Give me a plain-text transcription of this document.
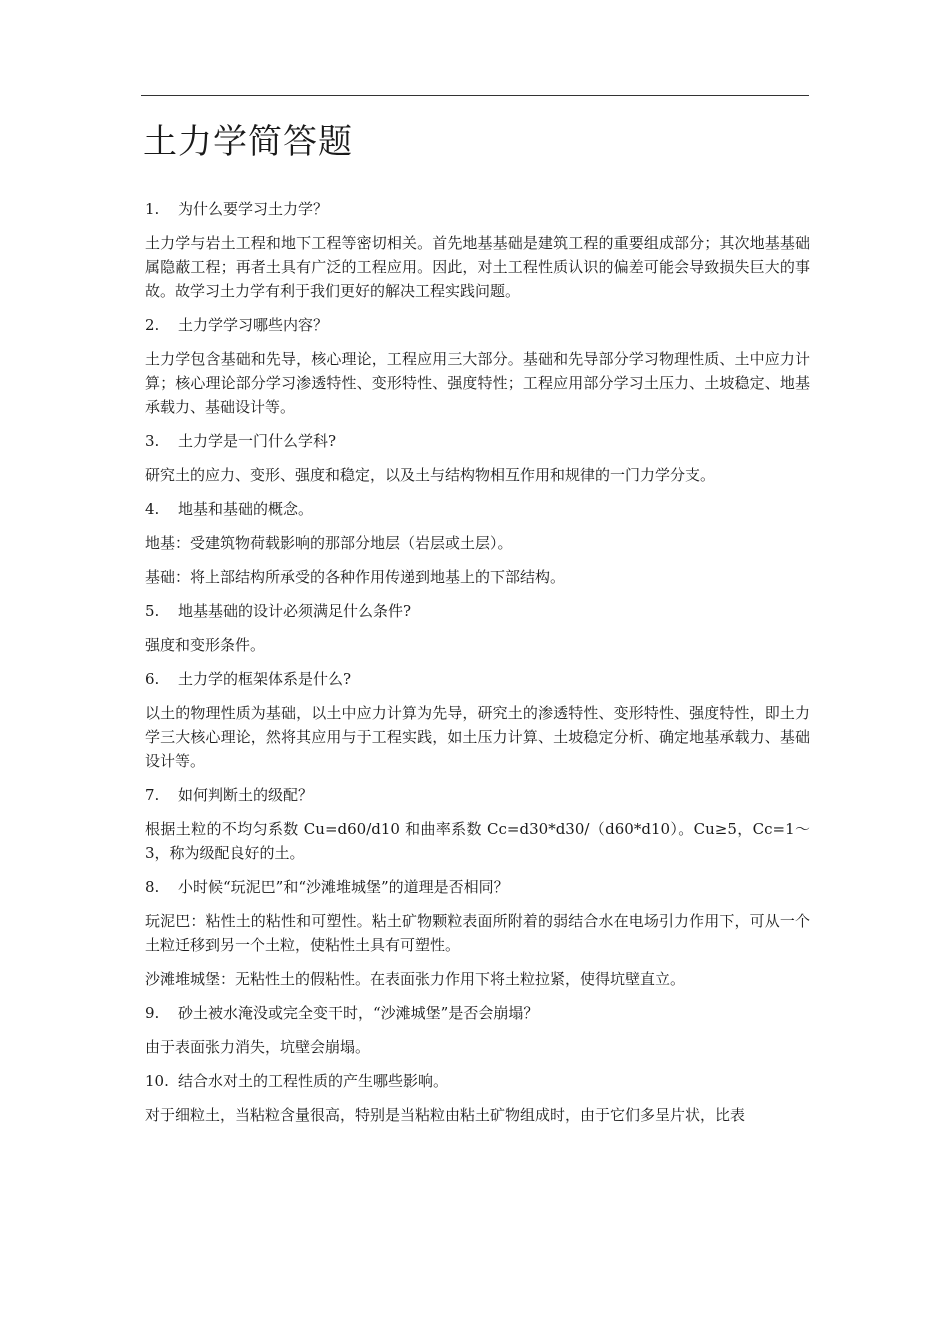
土力学简答题

1. 为什么要学习土力学？

土力学与岩土工程和地下工程等密切相关。首先地基基础是建筑工程的重要组成部分；其次地基基础属隐蔽工程；再者土具有广泛的工程应用。因此，对土工程性质认识的偏差可能会导致损失巨大的事故。故学习土力学有利于我们更好的解决工程实践问题。

2. 土力学学习哪些内容？

土力学包含基础和先导，核心理论，工程应用三大部分。基础和先导部分学习物理性质、土中应力计算；核心理论部分学习渗透特性、变形特性、强度特性；工程应用部分学习土压力、土坡稳定、地基承载力、基础设计等。

3. 土力学是一门什么学科?

研究土的应力、变形、强度和稳定，以及土与结构物相互作用和规律的一门力学分支。

4. 地基和基础的概念。

地基：受建筑物荷载影响的那部分地层（岩层或土层）。

基础：将上部结构所承受的各种作用传递到地基上的下部结构。

5. 地基基础的设计必须满足什么条件?

强度和变形条件。

6. 土力学的框架体系是什么?

以土的物理性质为基础，以土中应力计算为先导，研究土的渗透特性、变形特性、强度特性，即土力学三大核心理论，然将其应用与于工程实践，如土压力计算、土坡稳定分析、确定地基承载力、基础设计等。

7. 如何判断土的级配？

根据土粒的不均匀系数 Cu=d60/d10 和曲率系数 Cc=d30*d30/（d60*d10）。Cu≥5，Cc=1～3，称为级配良好的土。

8. 小时候“玩泥巴”和“沙滩堆城堡”的道理是否相同？

玩泥巴：粘性土的粘性和可塑性。粘土矿物颗粒表面所附着的弱结合水在电场引力作用下，可从一个土粒迁移到另一个土粒，使粘性土具有可塑性。

沙滩堆城堡：无粘性土的假粘性。在表面张力作用下将土粒拉紧，使得坑壁直立。

9. 砂土被水淹没或完全变干时，“沙滩城堡”是否会崩塌？

由于表面张力消失，坑壁会崩塌。

10. 结合水对土的工程性质的产生哪些影响。

对于细粒土，当粘粒含量很高，特别是当粘粒由粘土矿物组成时，由于它们多呈片状，比表
